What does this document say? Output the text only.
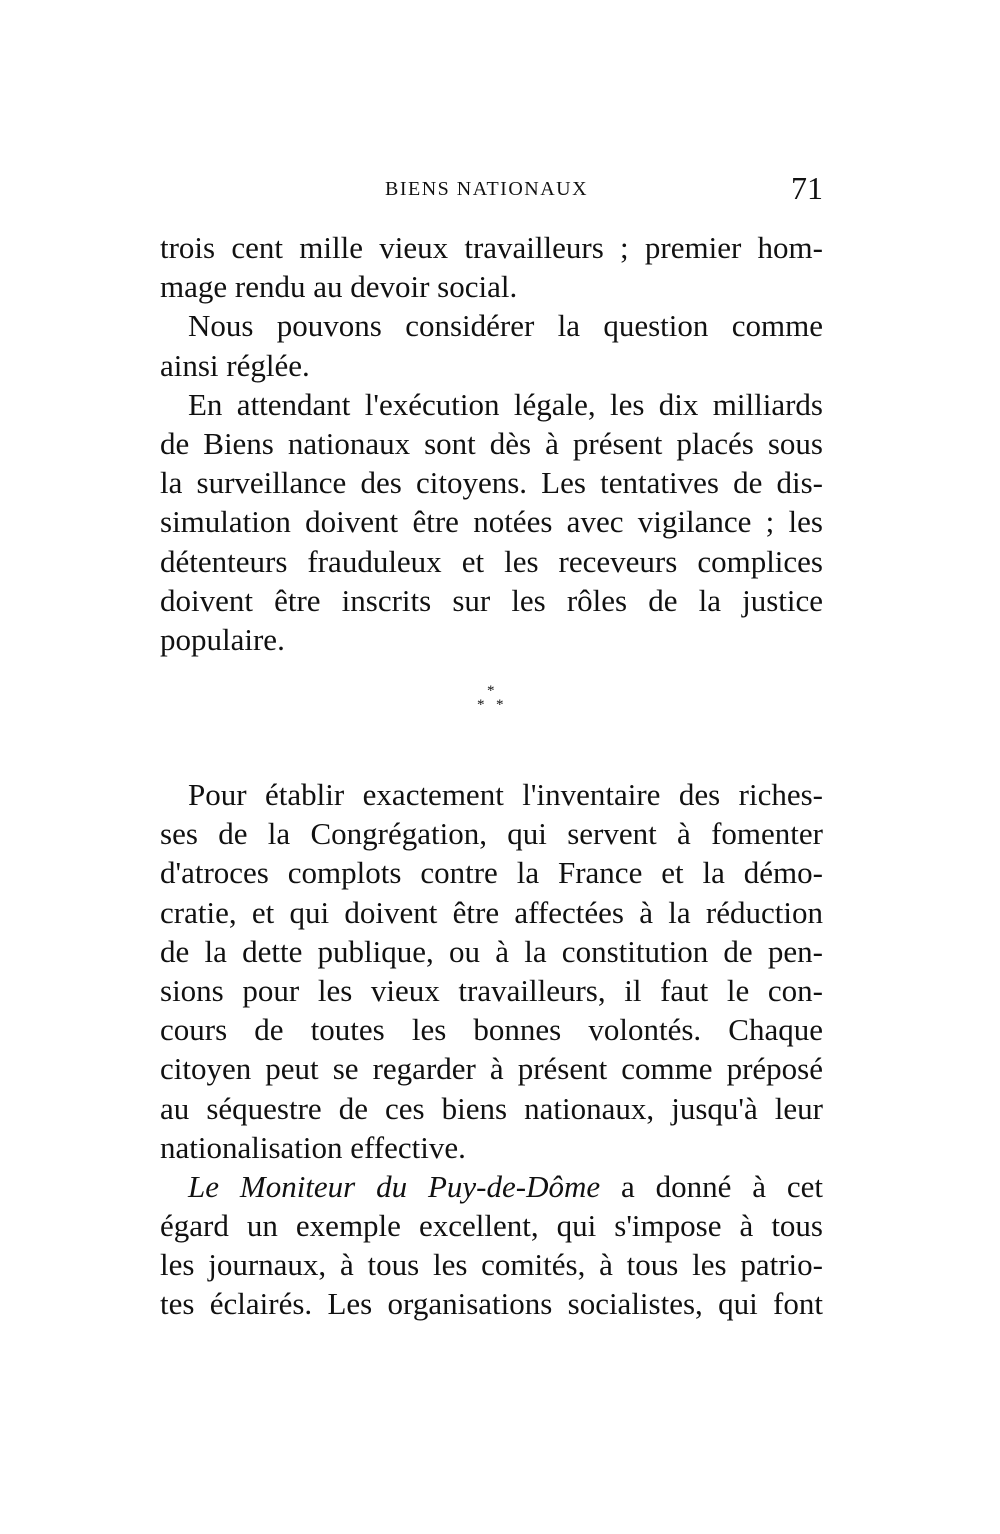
BIENS NATIONAUX	71
trois cent mille vieux travailleurs ; premier hom-
mage rendu au devoir social.
Nous pouvons considérer la question comme
ainsi réglée.
En attendant l'exécution légale, les dix milliards
de Biens nationaux sont dès à présent placés sous
la surveillance des citoyens. Les tentatives de dis-
simulation doivent être notées avec vigilance ; les
détenteurs frauduleux et les receveurs complices
doivent être inscrits sur les rôles de la justice
populaire.
*
* *
Pour établir exactement l'inventaire des riches-
ses de la Congrégation, qui servent à fomenter
d'atroces complots contre la France et la démo-
cratie, et qui doivent être affectées à la réduction
de la dette publique, ou à la constitution de pen-
sions pour les vieux travailleurs, il faut le con-
cours de toutes les bonnes volontés. Chaque
citoyen peut se regarder à présent comme préposé
au séquestre de ces biens nationaux, jusqu'à leur
nationalisation effective.
Le Moniteur du Puy-de-Dôme a donné à cet
égard un exemple excellent, qui s'impose à tous
les journaux, à tous les comités, à tous les patrio-
tes éclairés. Les organisations socialistes, qui font
